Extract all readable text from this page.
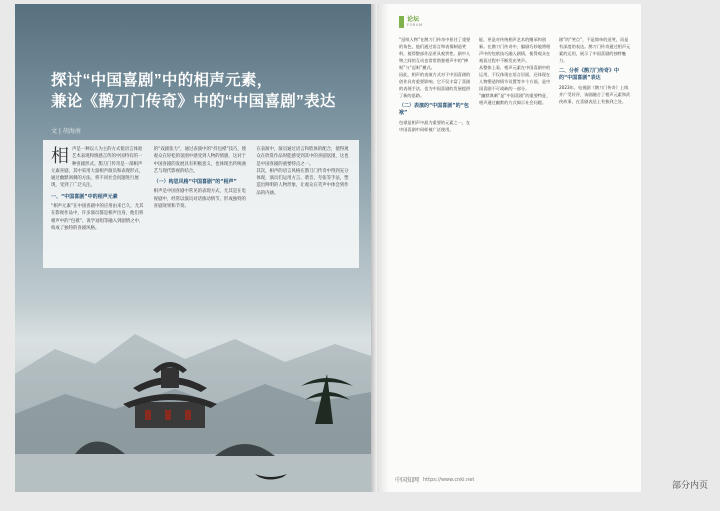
探讨“中国喜剧”中的相声元素，
兼论《鹊刀门传奇》中的“中国喜剧”表达
文 | 胡海南
相 声是一种以人为主的方式使语言体验艺术表现和情感言传的中国特有的一种喜剧形式。鹊刀门传奇是一部相声元素喜剧，其中采用大量相声演员和表现形式，通过幽默讽刺的方法，将不同社会问题进行展现，受到了广泛关注。
一、“中国喜剧”中的相声元素
“相声元素”在中国喜剧中的应用由来已久，尤其在影视作品中，许多演员都是相声出身，他们将相声中的“包袱”、说学逗唱等融入到剧情之中，构成了独特的喜剧风格。
的“戏剧张力”，通过表演中的“抖包袱”技巧，使观众在轻松的氛围中感受到人物的情感，这对于中国喜剧的发展具有积极意义，也体现出传统曲艺与现代影视的结合。
（一）构思风格“中国喜剧”的“相声”
相声是中国喜剧中常见的表现方式，尤其是在电视剧中，经常以演员对话推动情节，形成独特的喜剧效果和节奏。
在表演中，演员通过语言和肢体的配合，使得观众在欣赏作品时能感受到其中的喜剧氛围，这也是中国喜剧的重要特点之一。
其次，相声的语言风格在鹊刀门传奇中得到充分体现，演员们运用方言、谐音、夸张等手法，塑造出鲜明的人物形象，让观众在笑声中体会到作品的内涵。
论坛
FORUM
“逗哏人物”在鹊刀门传奇中担任了重要的角色，他们通过语言和表情制造笑料，使得整部作品更具观赏性。剧中人物之间的互动也常常借鉴相声中的“捧哏”与“逗哏”模式。
因此，相声的表演方式对于中国喜剧的创作具有重要影响，它不仅丰富了喜剧的表现手法，也为中国喜剧的发展提供了新的思路。
（二）表演的“中国喜剧”的“包袱”
包袱是相声中最为重要的元素之一，在中国喜剧中同样被广泛使用。
能，更是对传统相声艺术的继承和创新。在鹊刀门传奇中，编剧巧妙地将相声中的包袱技巧融入剧情，使得观众在观看过程中不断发出笑声。
从整体上看，相声元素在中国喜剧中的运用，不仅体现在语言层面，还体现在人物塑造和情节设置等多个方面，是中国喜剧不可或缺的一部分。
“幽默讽刺”是“中国喜剧”的重要特征，相声通过幽默的方式揭示社会问题。
剧”的“笑点”，不是简单的逗笑，而是有深度的表达。鹊刀门传奇通过相声元素的运用，展示了中国喜剧的独特魅力。
二、分析《鹊刀门传奇》中的“中国喜剧”表达
2023年，电视剧《鹊刀门传奇》上线并广受好评，该剧融合了相声元素和武侠故事，在喜剧表达上有独到之处。
中国知网 https://www.cnki.net
部分内页
